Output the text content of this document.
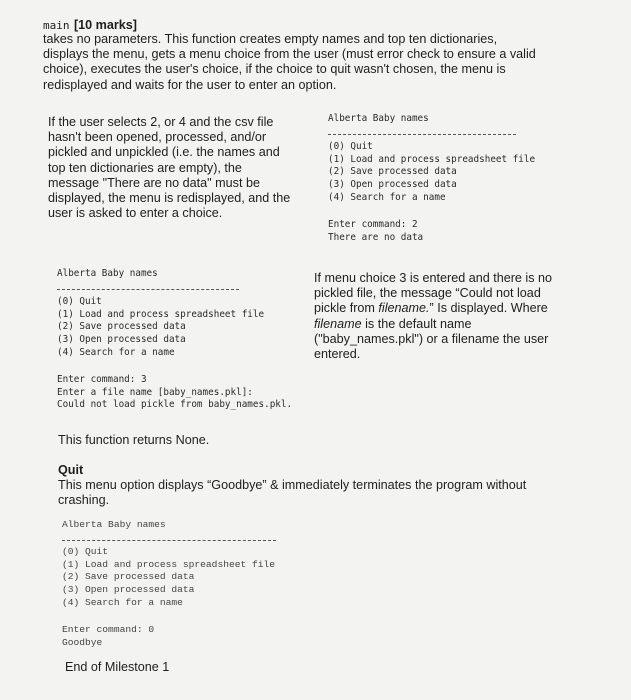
main [10 marks]
takes no parameters. This function creates empty names and top ten dictionaries,
displays the menu, gets a menu choice from the user (must error check to ensure a valid
choice), executes the user's choice, if the choice to quit wasn't chosen, the menu is
redisplayed and waits for the user to enter an option.
If the user selects 2, or 4 and the csv file
hasn't been opened, processed, and/or
pickled and unpickled (i.e. the names and
top ten dictionaries are empty), the
message "There are no data" must be
displayed, the menu is redisplayed, and the
user is asked to enter a choice.
Alberta Baby names
(0) Quit
(1) Load and process spreadsheet file
(2) Save processed data
(3) Open processed data
(4) Search for a name
Enter command: 2
There are no data
Alberta Baby names
(0) Quit
(1) Load and process spreadsheet file
(2) Save processed data
(3) Open processed data
(4) Search for a name
Enter command: 3
Enter a file name [baby_names.pkl]:
Could not load pickle from baby_names.pkl.
If menu choice 3 is entered and there is no
pickled file, the message “Could not load
pickle from filename.” Is displayed. Where
filename is the default name
("baby_names.pkl") or a filename the user
entered.
This function returns None.
Quit
This menu option displays “Goodbye” & immediately terminates the program without
crashing.
Alberta Baby names
(0) Quit
(1) Load and process spreadsheet file
(2) Save processed data
(3) Open processed data
(4) Search for a name
Enter command: 0
Goodbye
End of Milestone 1
